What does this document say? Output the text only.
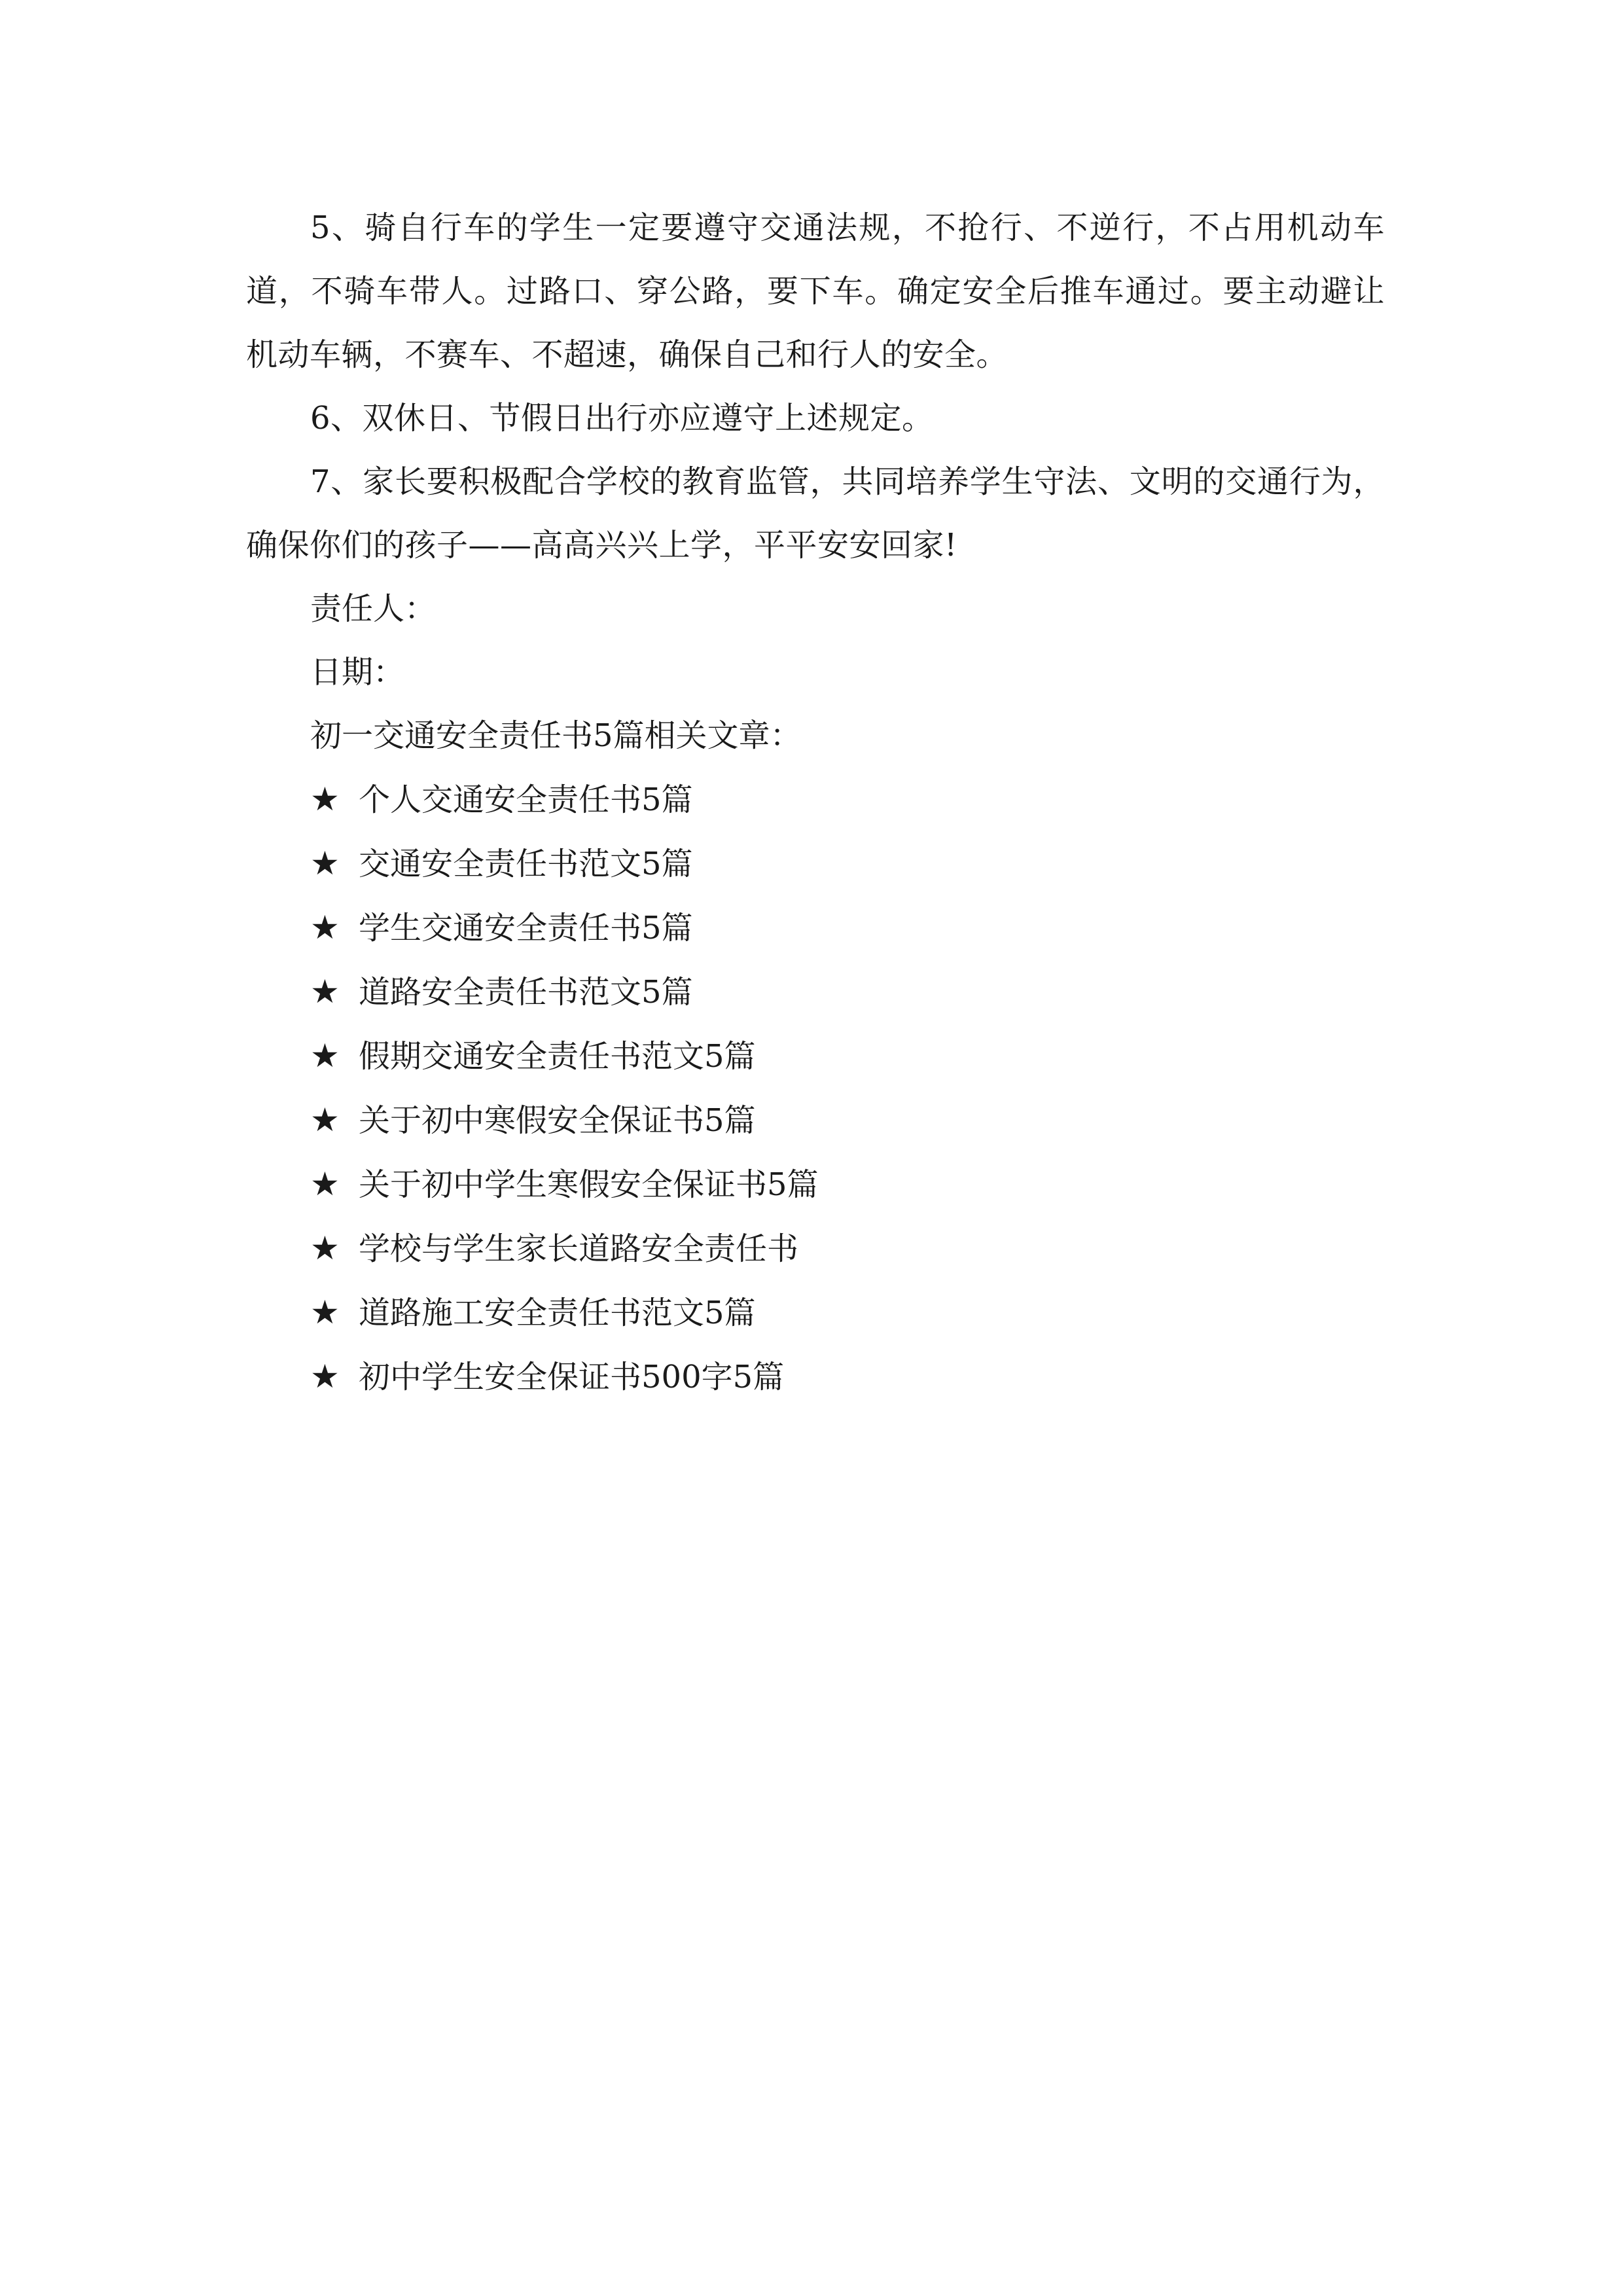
5、骑自行车的学生一定要遵守交通法规，不抢行、不逆行，不占用机动车道，不骑车带人。过路口、穿公路，要下车。确定安全后推车通过。要主动避让机动车辆，不赛车、不超速，确保自己和行人的安全。

6、双休日、节假日出行亦应遵守上述规定。

7、家长要积极配合学校的教育监管，共同培养学生守法、文明的交通行为，确保你们的孩子——高高兴兴上学，平平安安回家!

责任人：

日期：

初一交通安全责任书5篇相关文章：

★ 个人交通安全责任书5篇

★ 交通安全责任书范文5篇

★ 学生交通安全责任书5篇

★ 道路安全责任书范文5篇

★ 假期交通安全责任书范文5篇

★ 关于初中寒假安全保证书5篇

★ 关于初中学生寒假安全保证书5篇

★ 学校与学生家长道路安全责任书

★ 道路施工安全责任书范文5篇

★ 初中学生安全保证书500字5篇
